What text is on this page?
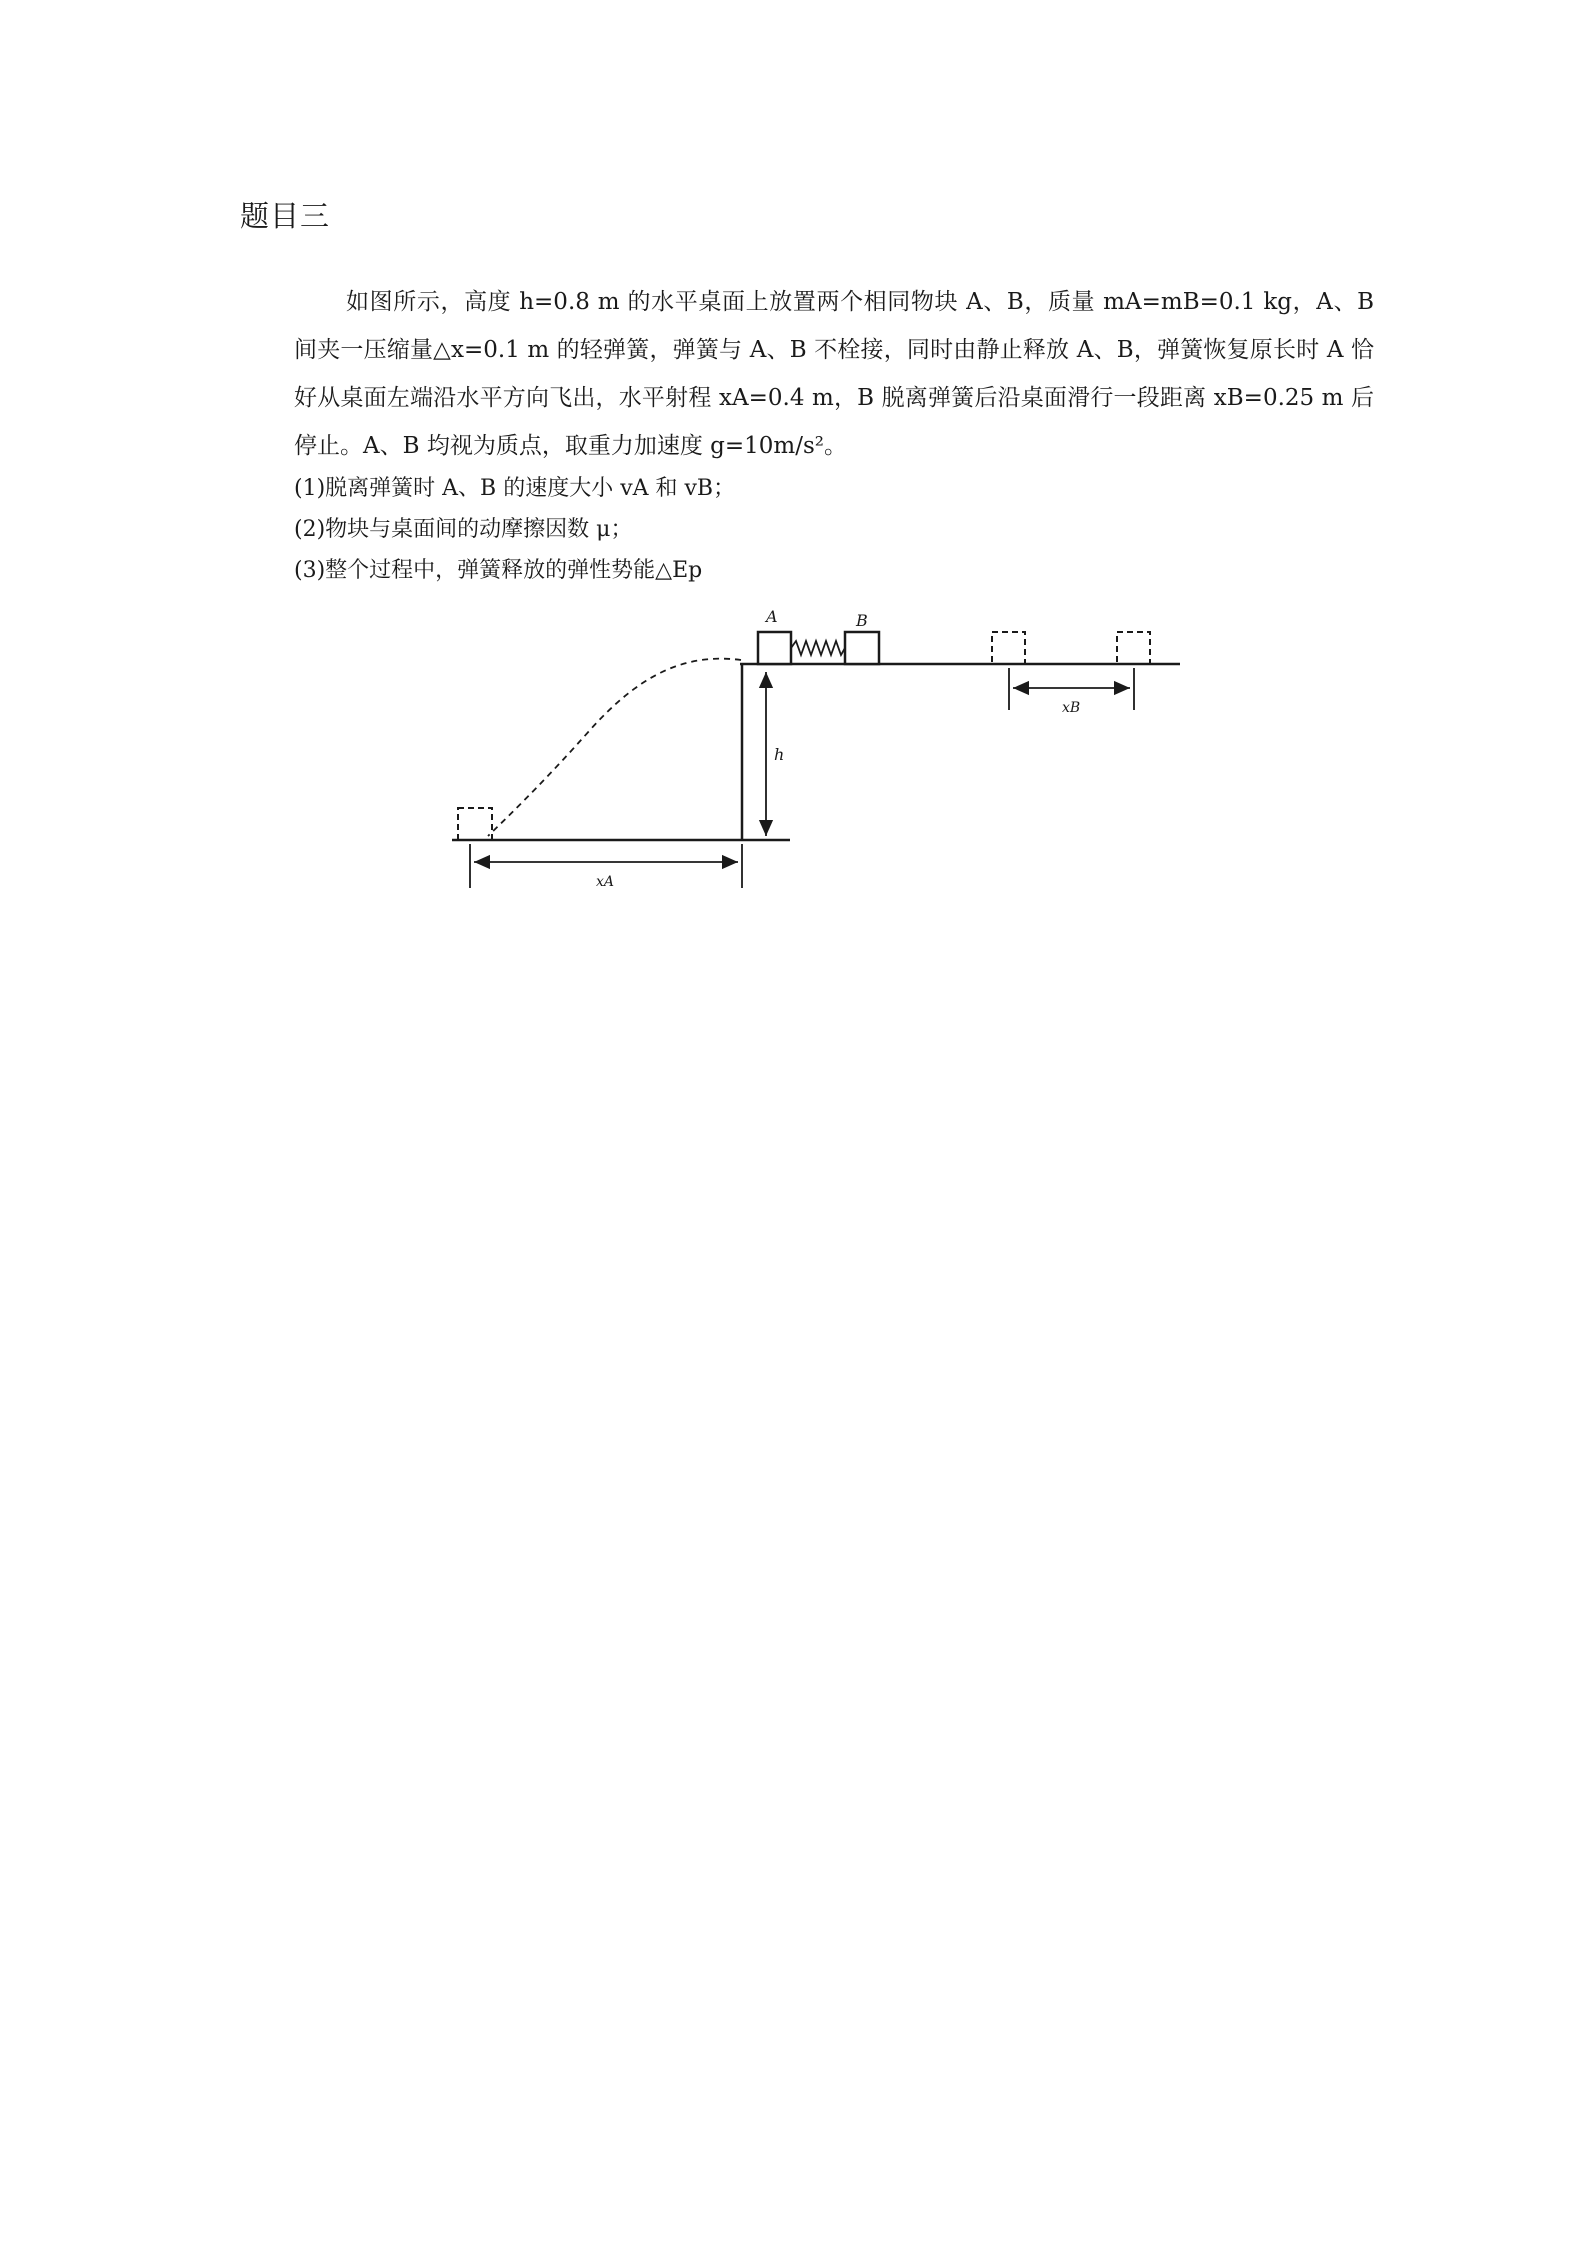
题目三

如图所示，高度 h=0.8 m 的水平桌面上放置两个相同物块 A、B，质量 mA=mB=0.1 kg，A、B 间夹一压缩量△x=0.1 m 的轻弹簧，弹簧与 A、B 不栓接，同时由静止释放 A、B，弹簧恢复原长时 A 恰好从桌面左端沿水平方向飞出，水平射程 xA=0.4 m，B 脱离弹簧后沿桌面滑行一段距离 xB=0.25 m 后停止。A、B 均视为质点，取重力加速度 g=10m/s²。

(1)脱离弹簧时 A、B 的速度大小 vA 和 vB；
(2)物块与桌面间的动摩擦因数 μ；
(3)整个过程中，弹簧释放的弹性势能△Ep
A	B
h
xB
xA
